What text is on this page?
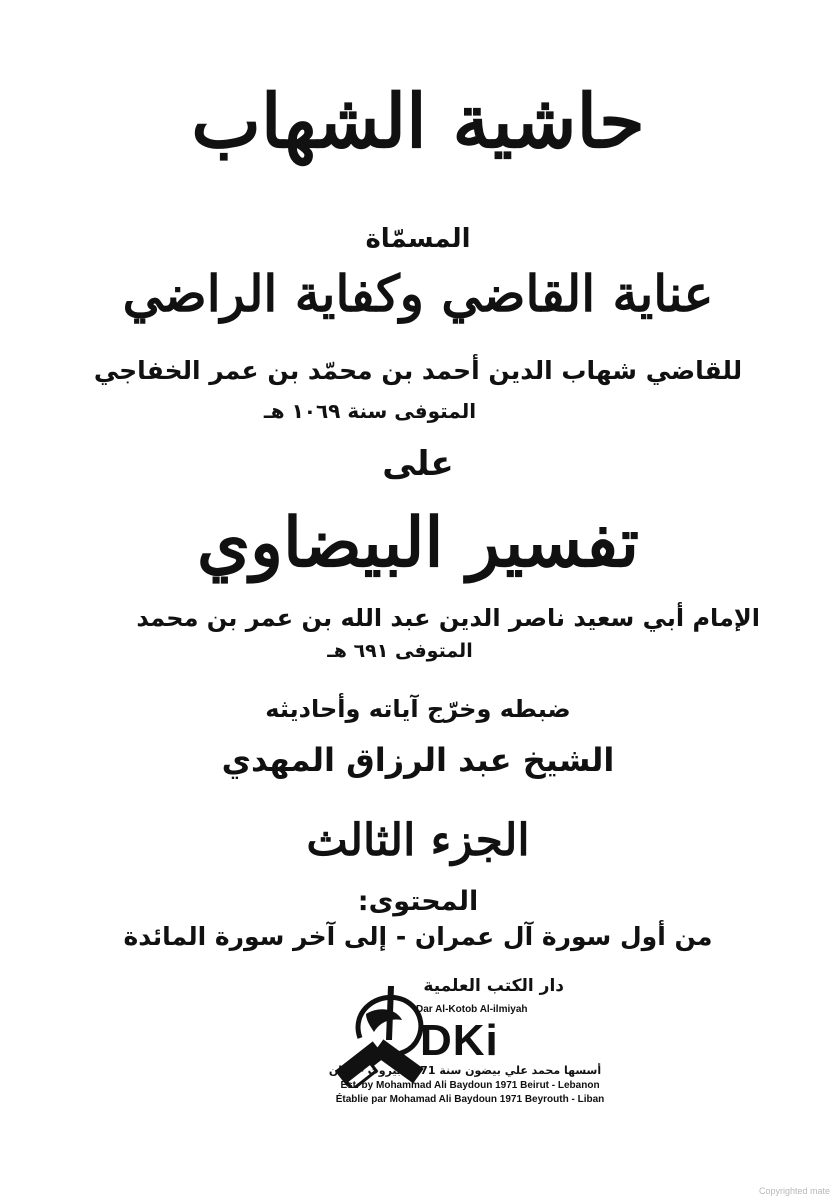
حاشية الشهاب
المسمّاة
عناية القاضي وكفاية الراضي
للقاضي شهاب الدين أحمد بن محمّد بن عمر الخفاجي
المتوفى سنة ١٠٦٩ هـ
على
تفسير البيضاوي
الإمام أبي سعيد ناصر الدين عبد الله بن عمر بن محمد
المتوفى ٦٩١ هـ
ضبطه وخرّج آياته وأحاديثه
الشيخ عبد الرزاق المهدي
الجزء الثالث
المحتوى:
من أول سورة آل عمران - إلى آخر سورة المائدة
دار الكتب العلمية
Dar Al-Kotob Al-ilmiyah
DKi
أسسها محمد علي بيضون سنة 1971 بيروت - لبنان
Est. by Mohammad Ali Baydoun 1971 Beirut - Lebanon
Établie par Mohamad Ali Baydoun 1971 Beyrouth - Liban
Copyrighted mate
